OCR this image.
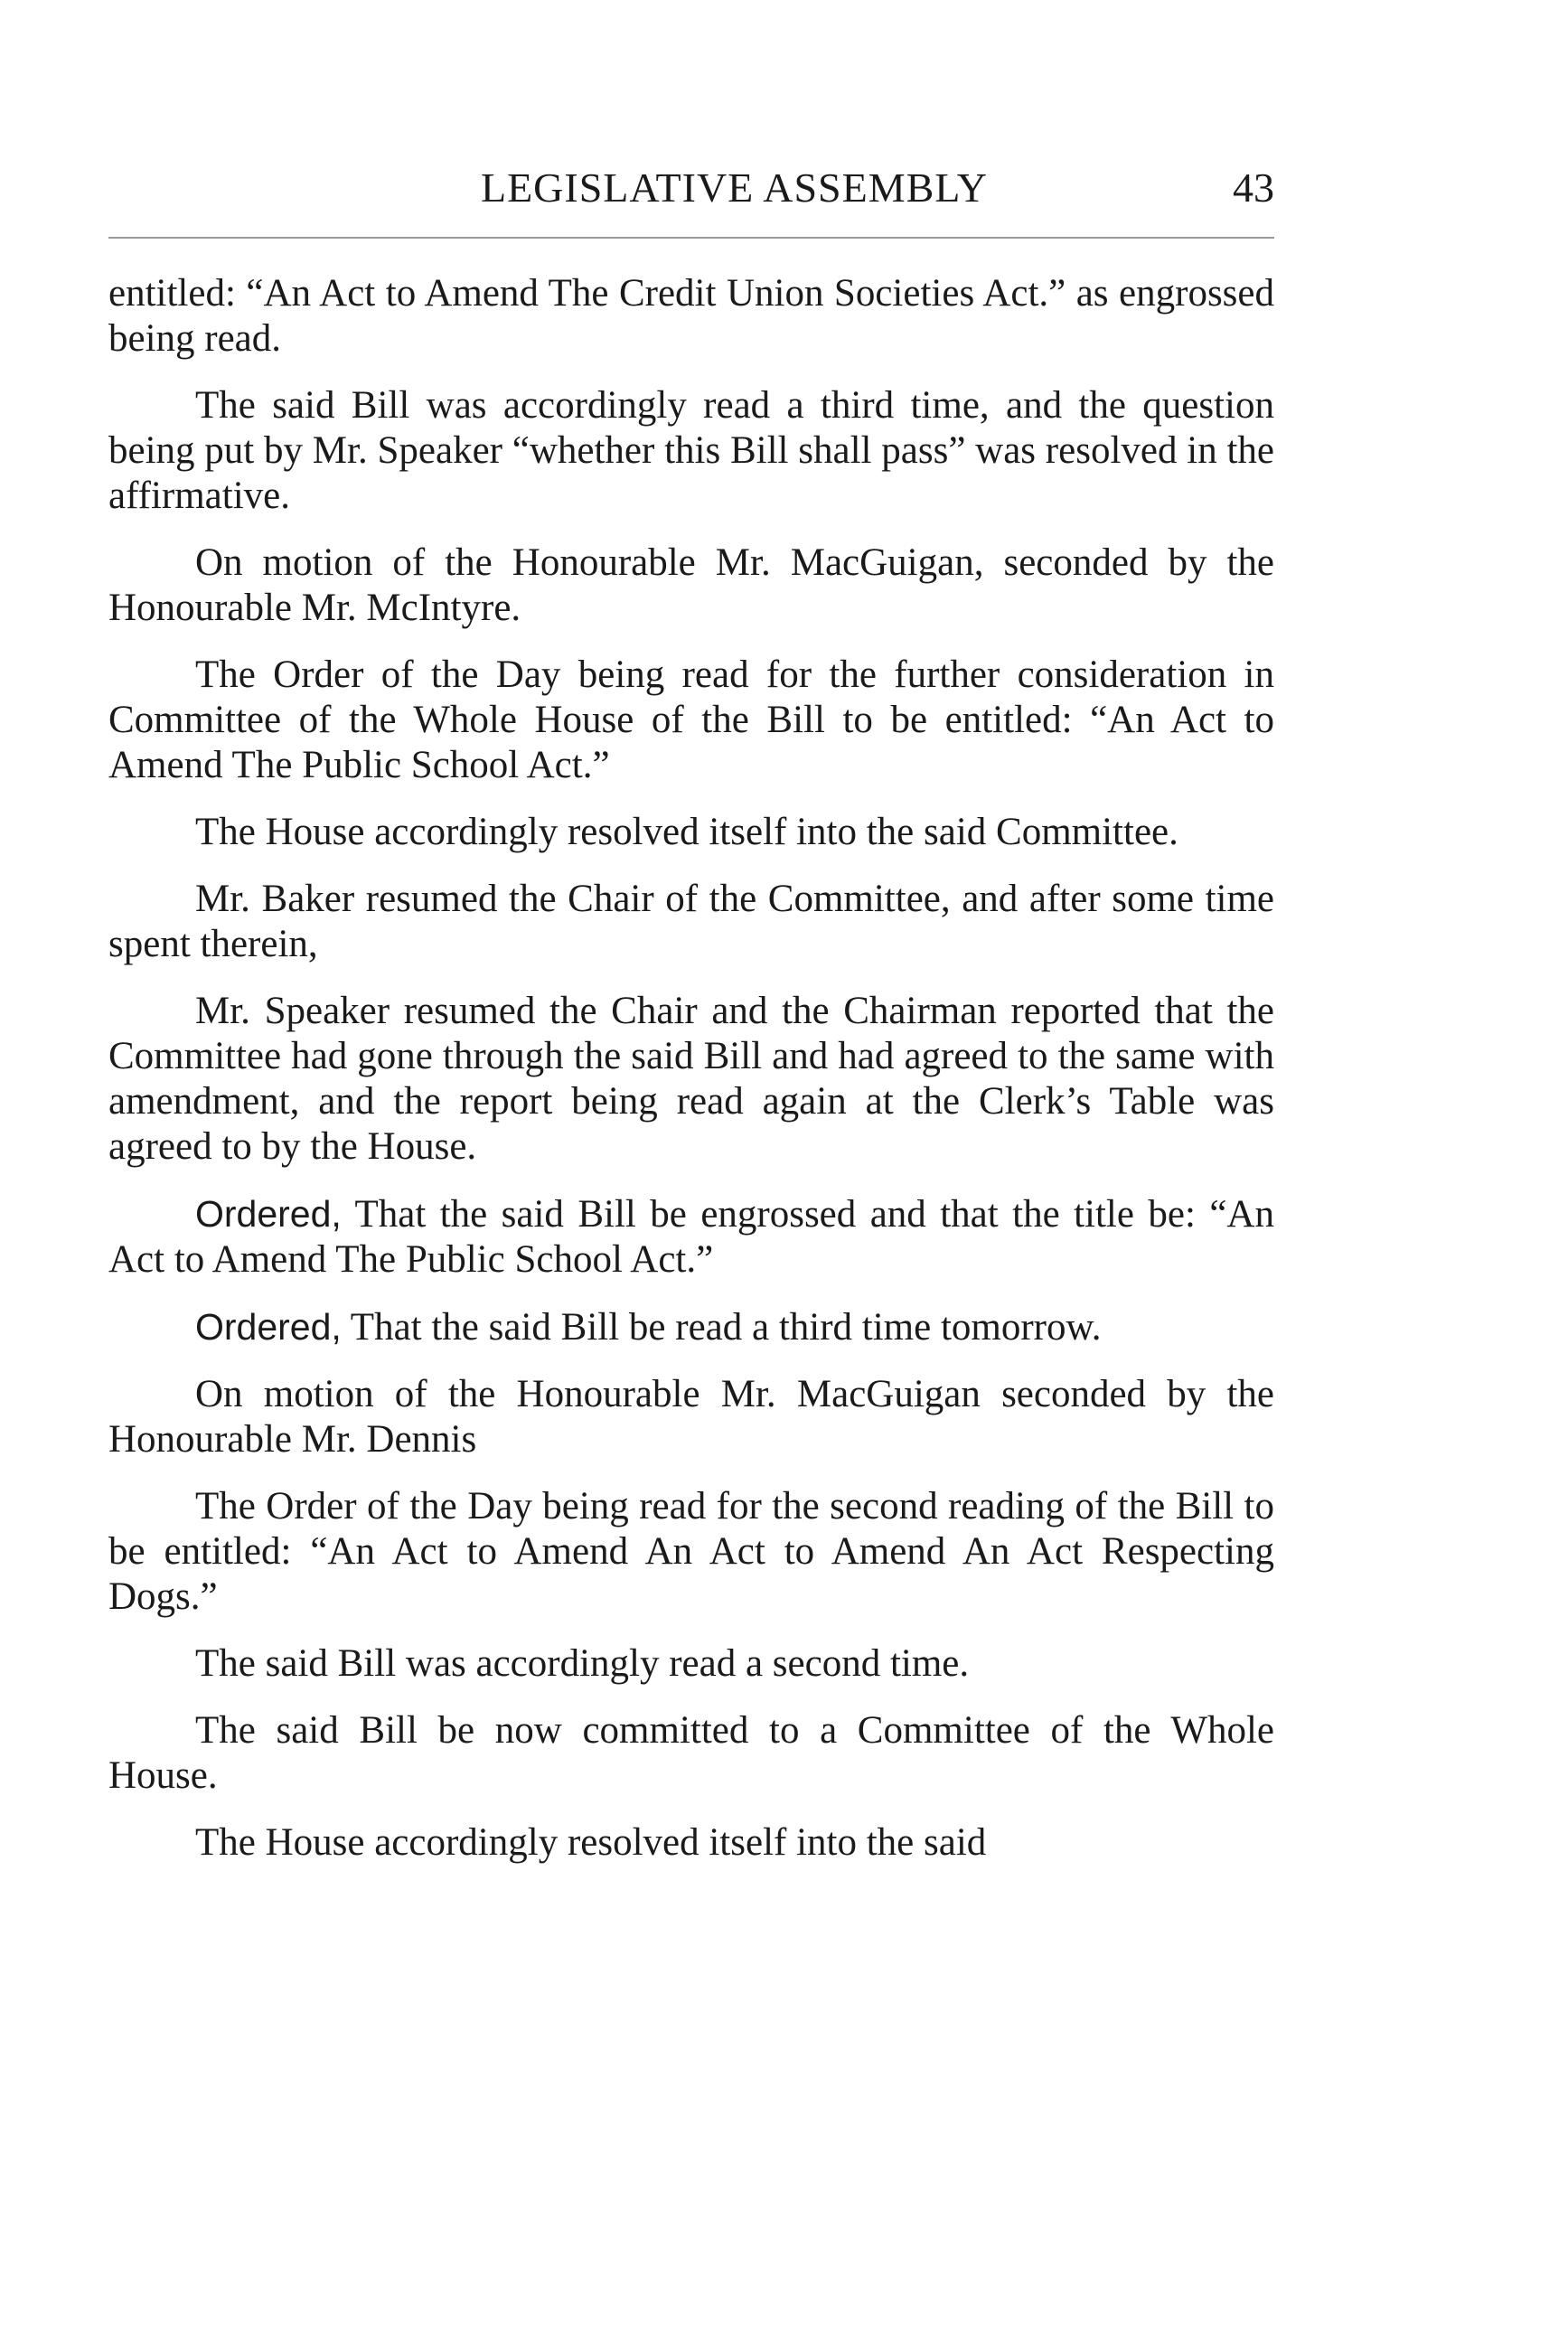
LEGISLATIVE ASSEMBLY	43

entitled: “An Act to Amend The Credit Union Societies Act.” as engrossed being read.

The said Bill was accordingly read a third time, and the question being put by Mr. Speaker “whether this Bill shall pass” was resolved in the affirmative.

On motion of the Honourable Mr. MacGuigan, seconded by the Honourable Mr. McIntyre.

The Order of the Day being read for the further consideration in Committee of the Whole House of the Bill to be entitled: “An Act to Amend The Public School Act.”

The House accordingly resolved itself into the said Committee.

Mr. Baker resumed the Chair of the Committee, and after some time spent therein,

Mr. Speaker resumed the Chair and the Chairman reported that the Committee had gone through the said Bill and had agreed to the same with amendment, and the report being read again at the Clerk’s Table was agreed to by the House.

Ordered, That the said Bill be engrossed and that the title be: “An Act to Amend The Public School Act.”

Ordered, That the said Bill be read a third time tomorrow.

On motion of the Honourable Mr. MacGuigan seconded by the Honourable Mr. Dennis

The Order of the Day being read for the second reading of the Bill to be entitled: “An Act to Amend An Act to Amend An Act Respecting Dogs.”

The said Bill was accordingly read a second time.

The said Bill be now committed to a Committee of the Whole House.

The House accordingly resolved itself into the said
